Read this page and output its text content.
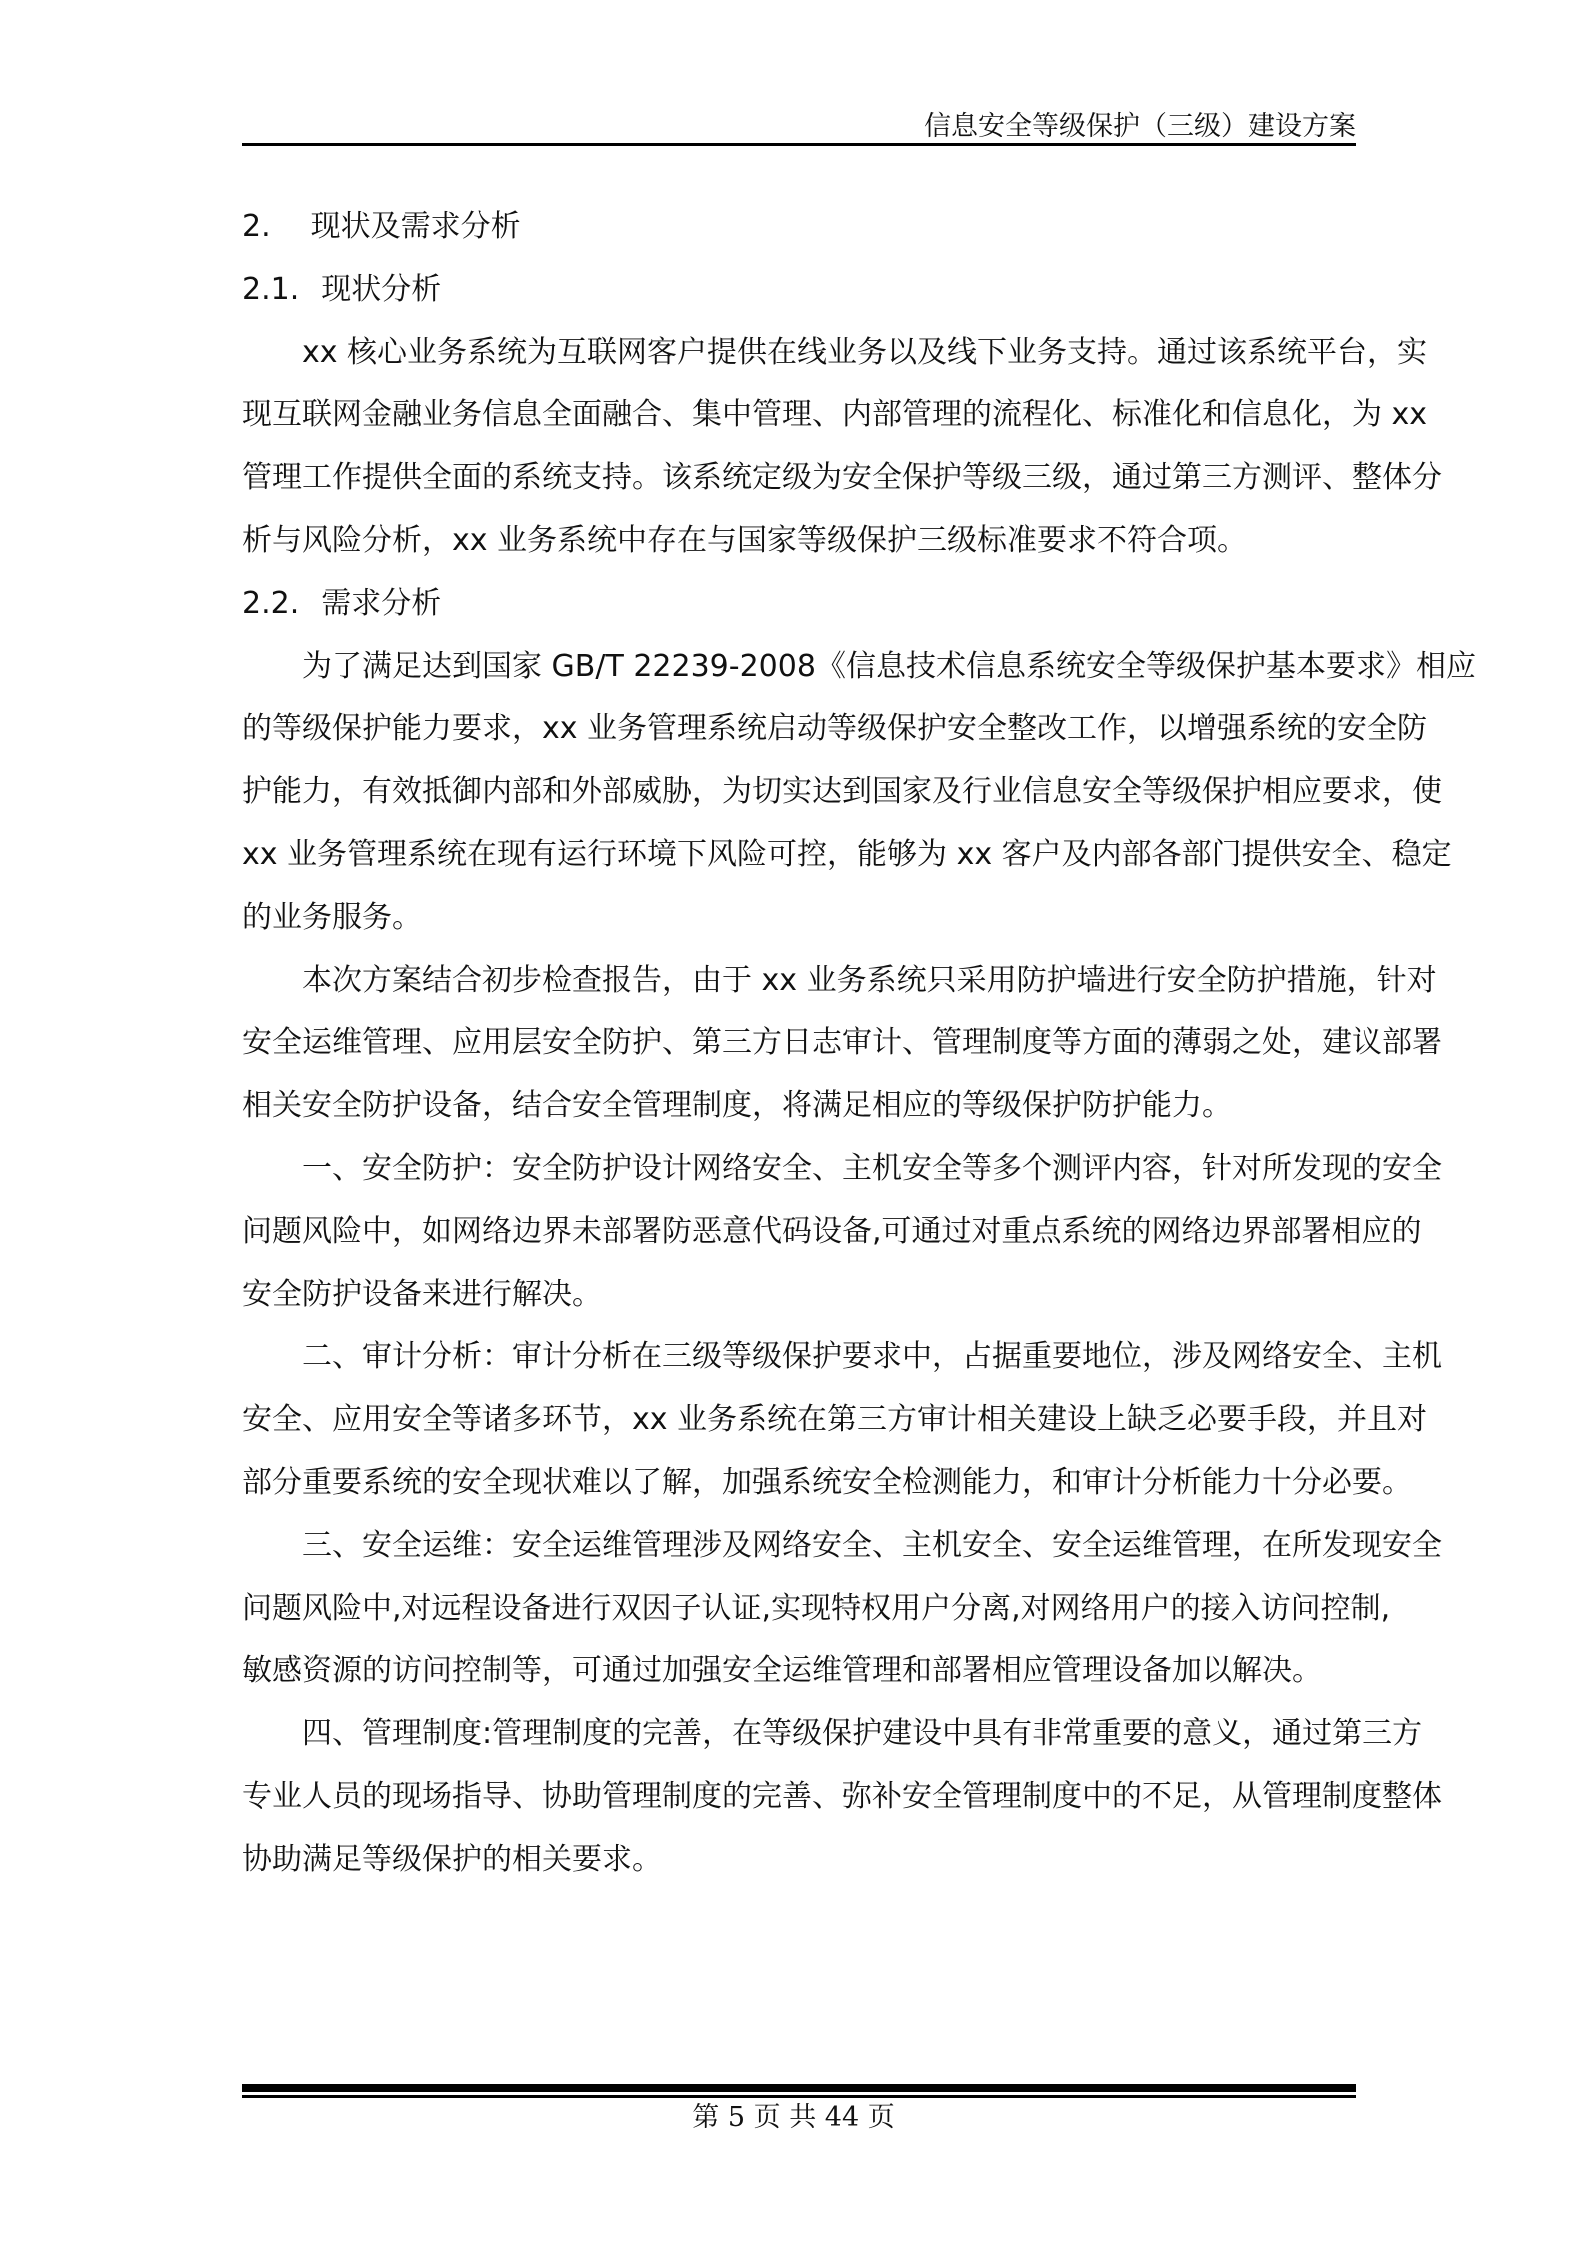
信息安全等级保护（三级）建设方案
2. 现状及需求分析
2.1. 现状分析
xx 核心业务系统为互联网客户提供在线业务以及线下业务支持。通过该系统平台，实
现互联网金融业务信息全面融合、集中管理、内部管理的流程化、标准化和信息化，为 xx
管理工作提供全面的系统支持。该系统定级为安全保护等级三级，通过第三方测评、整体分
析与风险分析，xx 业务系统中存在与国家等级保护三级标准要求不符合项。
2.2. 需求分析
为了满足达到国家 GB/T 22239-2008《信息技术信息系统安全等级保护基本要求》相应
的等级保护能力要求，xx 业务管理系统启动等级保护安全整改工作，以增强系统的安全防
护能力，有效抵御内部和外部威胁，为切实达到国家及行业信息安全等级保护相应要求，使
xx 业务管理系统在现有运行环境下风险可控，能够为 xx 客户及内部各部门提供安全、稳定
的业务服务。
本次方案结合初步检查报告，由于 xx 业务系统只采用防护墙进行安全防护措施，针对
安全运维管理、应用层安全防护、第三方日志审计、管理制度等方面的薄弱之处，建议部署
相关安全防护设备，结合安全管理制度，将满足相应的等级保护防护能力。
一、安全防护：安全防护设计网络安全、主机安全等多个测评内容，针对所发现的安全
问题风险中，如网络边界未部署防恶意代码设备,可通过对重点系统的网络边界部署相应的
安全防护设备来进行解决。
二、审计分析：审计分析在三级等级保护要求中，占据重要地位，涉及网络安全、主机
安全、应用安全等诸多环节，xx 业务系统在第三方审计相关建设上缺乏必要手段，并且对
部分重要系统的安全现状难以了解，加强系统安全检测能力，和审计分析能力十分必要。
三、安全运维：安全运维管理涉及网络安全、主机安全、安全运维管理，在所发现安全
问题风险中,对远程设备进行双因子认证,实现特权用户分离,对网络用户的接入访问控制,
敏感资源的访问控制等，可通过加强安全运维管理和部署相应管理设备加以解决。
四、管理制度:管理制度的完善，在等级保护建设中具有非常重要的意义，通过第三方
专业人员的现场指导、协助管理制度的完善、弥补安全管理制度中的不足，从管理制度整体
协助满足等级保护的相关要求。
第 5 页 共 44 页
